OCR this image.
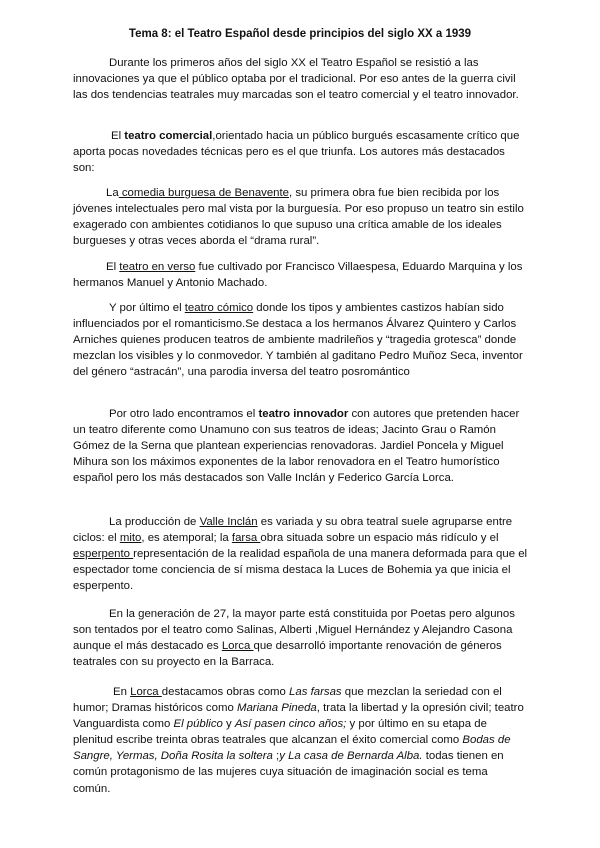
Tema 8: el Teatro Español desde principios del siglo XX a 1939

Durante los primeros años del siglo XX el Teatro Español se resistió a las innovaciones ya que el público optaba por el tradicional. Por eso antes de la guerra civil las dos tendencias teatrales muy marcadas son el teatro comercial y el teatro innovador.

El teatro comercial,orientado hacia un público burgués escasamente crítico que aporta pocas novedades técnicas pero es el que triunfa. Los autores más destacados son:

La comedia burguesa de Benavente, su primera obra fue bien recibida por los jóvenes intelectuales pero mal vista por la burguesía. Por eso propuso un teatro sin estilo exagerado con ambientes cotidianos lo que supuso una crítica amable de los ideales burgueses y otras veces aborda el “drama rural”.

El teatro en verso fue cultivado por Francisco Villaespesa, Eduardo Marquina y los hermanos Manuel y Antonio Machado.

Y por último el teatro cómico donde los tipos y ambientes castizos habían sido influenciados por el romanticismo.Se destaca a los hermanos Álvarez Quintero y Carlos Arniches quienes producen teatros de ambiente madrileños y “tragedia grotesca” donde mezclan los visibles y lo conmovedor. Y también al gaditano Pedro Muñoz Seca, inventor del género “astracán”, una parodia inversa del teatro posromántico

Por otro lado encontramos el teatro innovador con autores que pretenden hacer un teatro diferente como Unamuno con sus teatros de ideas; Jacinto Grau o Ramón Gómez de la Serna que plantean experiencias renovadoras. Jardiel Poncela y Miguel Mihura son los máximos exponentes de la labor renovadora en el Teatro humorístico español pero los más destacados son Valle Inclán y Federico García Lorca.

La producción de Valle Inclán es variada y su obra teatral suele agruparse entre ciclos: el mito, es atemporal; la farsa obra situada sobre un espacio más ridículo y el esperpento representación de la realidad española de una manera deformada para que el espectador tome conciencia de sí misma destaca la Luces de Bohemia ya que inicia el esperpento.

En la generación de 27, la mayor parte está constituida por Poetas pero algunos son tentados por el teatro como Salinas, Alberti ,Miguel Hernández y Alejandro Casona aunque el más destacado es Lorca que desarrolló importante renovación de géneros teatrales con su proyecto en la Barraca.

En Lorca destacamos obras como Las farsas que mezclan la seriedad con el humor; Dramas históricos como Mariana Pineda, trata la libertad y la opresión civil; teatro Vanguardista como El público y Así pasen cinco años; y por último en su etapa de plenitud escribe treinta obras teatrales que alcanzan el éxito comercial como Bodas de Sangre, Yermas, Doña Rosita la soltera ;y La casa de Bernarda Alba. todas tienen en común protagonismo de las mujeres cuya situación de imaginación social es tema común.
